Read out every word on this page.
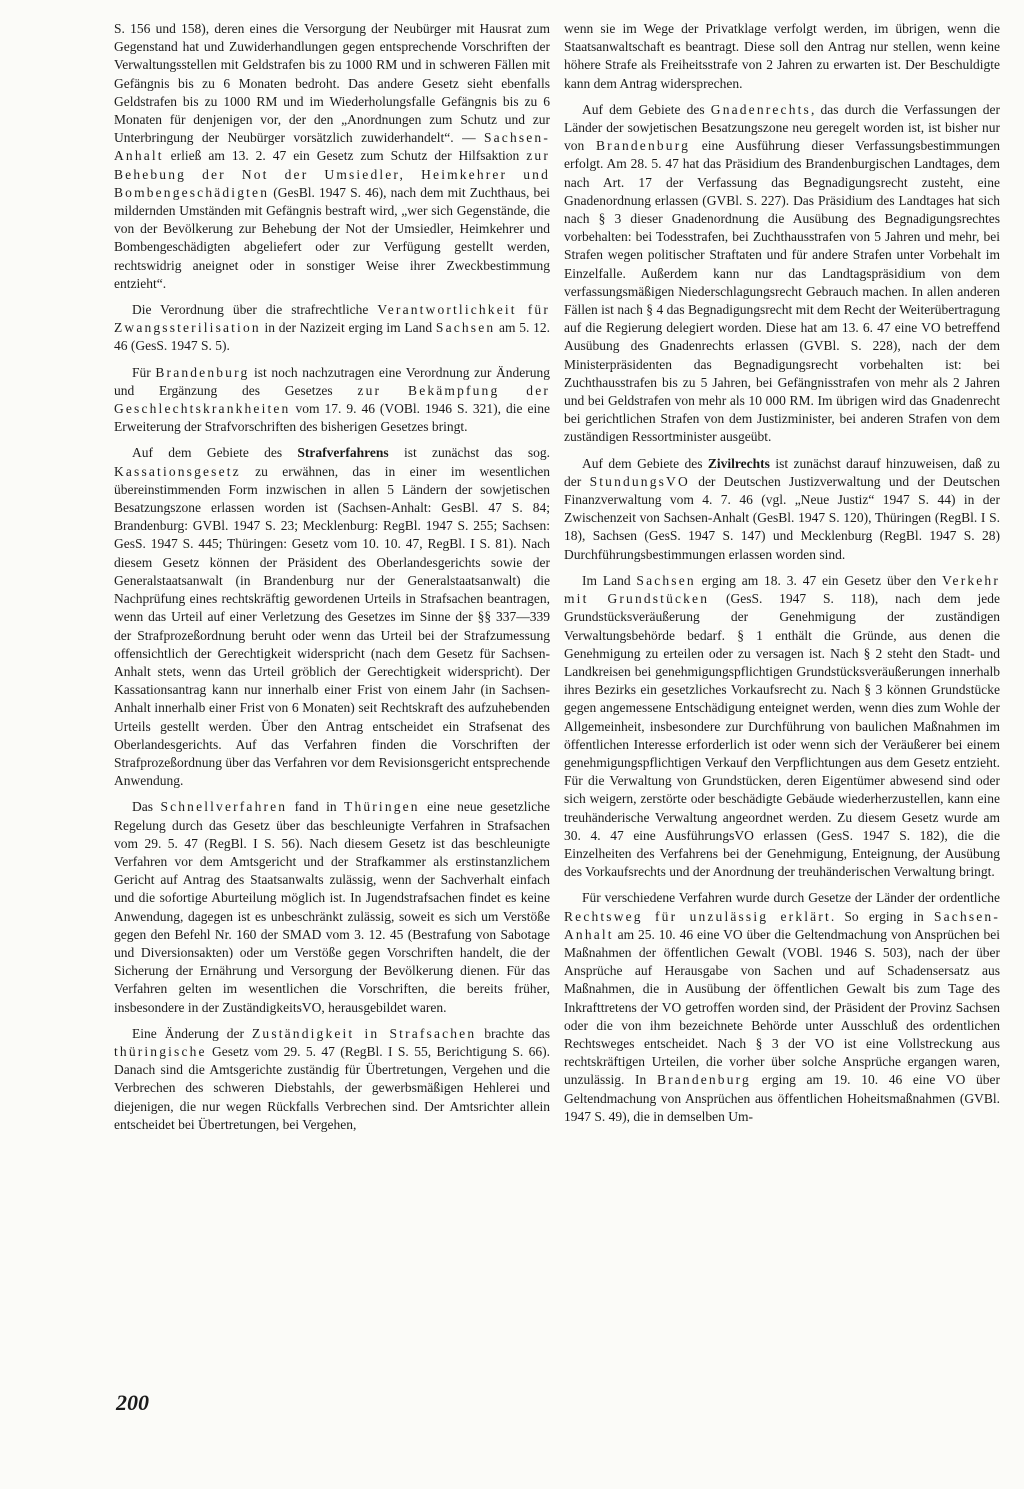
S. 156 und 158), deren eines die Versorgung der Neubürger mit Hausrat zum Gegenstand hat und Zuwiderhandlungen gegen entsprechende Vorschriften der Verwaltungsstellen mit Geldstrafen bis zu 1000 RM und in schweren Fällen mit Gefängnis bis zu 6 Monaten bedroht. Das andere Gesetz sieht ebenfalls Geldstrafen bis zu 1000 RM und im Wiederholungsfalle Gefängnis bis zu 6 Monaten für denjenigen vor, der den „Anordnungen zum Schutz und zur Unterbringung der Neubürger vorsätzlich zuwiderhandelt“. — Sachsen-Anhalt erließ am 13. 2. 47 ein Gesetz zum Schutz der Hilfsaktion zur Behebung der Not der Umsiedler, Heimkehrer und Bombengeschädigten (GesBl. 1947 S. 46), nach dem mit Zuchthaus, bei mildernden Umständen mit Gefängnis bestraft wird, „wer sich Gegenstände, die von der Bevölkerung zur Behebung der Not der Umsiedler, Heimkehrer und Bombengeschädigten abgeliefert oder zur Verfügung gestellt werden, rechtswidrig aneignet oder in sonstiger Weise ihrer Zweckbestimmung entzieht“.

Die Verordnung über die strafrechtliche Verantwortlichkeit für Zwangssterilisation in der Nazizeit erging im Land Sachsen am 5. 12. 46 (GesS. 1947 S. 5).

Für Brandenburg ist noch nachzutragen eine Verordnung zur Änderung und Ergänzung des Gesetzes zur Bekämpfung der Geschlechtskrankheiten vom 17. 9. 46 (VOBl. 1946 S. 321), die eine Erweiterung der Strafvorschriften des bisherigen Gesetzes bringt.

Auf dem Gebiete des Strafverfahrens ist zunächst das sog. Kassationsgesetz zu erwähnen, das in einer im wesentlichen übereinstimmenden Form inzwischen in allen 5 Ländern der sowjetischen Besatzungszone erlassen worden ist (Sachsen-Anhalt: GesBl. 47 S. 84; Brandenburg: GVBl. 1947 S. 23; Mecklenburg: RegBl. 1947 S. 255; Sachsen: GesS. 1947 S. 445; Thüringen: Gesetz vom 10. 10. 47, RegBl. I S. 81). Nach diesem Gesetz können der Präsident des Oberlandesgerichts sowie der Generalstaatsanwalt (in Brandenburg nur der Generalstaatsanwalt) die Nachprüfung eines rechtskräftig gewordenen Urteils in Strafsachen beantragen, wenn das Urteil auf einer Verletzung des Gesetzes im Sinne der §§ 337—339 der Strafprozeßordnung beruht oder wenn das Urteil bei der Strafzumessung offensichtlich der Gerechtigkeit widerspricht (nach dem Gesetz für Sachsen-Anhalt stets, wenn das Urteil gröblich der Gerechtigkeit widerspricht). Der Kassationsantrag kann nur innerhalb einer Frist von einem Jahr (in Sachsen-Anhalt innerhalb einer Frist von 6 Monaten) seit Rechtskraft des aufzuhebenden Urteils gestellt werden. Über den Antrag entscheidet ein Strafsenat des Oberlandesgerichts. Auf das Verfahren finden die Vorschriften der Strafprozeßordnung über das Verfahren vor dem Revisionsgericht entsprechende Anwendung.

Das Schnellverfahren fand in Thüringen eine neue gesetzliche Regelung durch das Gesetz über das beschleunigte Verfahren in Strafsachen vom 29. 5. 47 (RegBl. I S. 56). Nach diesem Gesetz ist das beschleunigte Verfahren vor dem Amtsgericht und der Strafkammer als erstinstanzlichem Gericht auf Antrag des Staatsanwalts zulässig, wenn der Sachverhalt einfach und die sofortige Aburteilung möglich ist. In Jugendstrafsachen findet es keine Anwendung, dagegen ist es unbeschränkt zulässig, soweit es sich um Verstöße gegen den Befehl Nr. 160 der SMAD vom 3. 12. 45 (Bestrafung von Sabotage und Diversionsakten) oder um Verstöße gegen Vorschriften handelt, die der Sicherung der Ernährung und Versorgung der Bevölkerung dienen. Für das Verfahren gelten im wesentlichen die Vorschriften, die bereits früher, insbesondere in der ZuständigkeitsVO, herausgebildet waren.

Eine Änderung der Zuständigkeit in Strafsachen brachte das thüringische Gesetz vom 29. 5. 47 (RegBl. I S. 55, Berichtigung S. 66). Danach sind die Amtsgerichte zuständig für Übertretungen, Vergehen und die Verbrechen des schweren Diebstahls, der gewerbsmäßigen Hehlerei und diejenigen, die nur wegen Rückfalls Verbrechen sind. Der Amtsrichter allein entscheidet bei Übertretungen, bei Vergehen,

wenn sie im Wege der Privatklage verfolgt werden, im übrigen, wenn die Staatsanwaltschaft es beantragt. Diese soll den Antrag nur stellen, wenn keine höhere Strafe als Freiheitsstrafe von 2 Jahren zu erwarten ist. Der Beschuldigte kann dem Antrag widersprechen.

Auf dem Gebiete des Gnadenrechts, das durch die Verfassungen der Länder der sowjetischen Besatzungszone neu geregelt worden ist, ist bisher nur von Brandenburg eine Ausführung dieser Verfassungsbestimmungen erfolgt. Am 28. 5. 47 hat das Präsidium des Brandenburgischen Landtages, dem nach Art. 17 der Verfassung das Begnadigungsrecht zusteht, eine Gnadenordnung erlassen (GVBl. S. 227). Das Präsidium des Landtages hat sich nach § 3 dieser Gnadenordnung die Ausübung des Begnadigungsrechtes vorbehalten: bei Todesstrafen, bei Zuchthausstrafen von 5 Jahren und mehr, bei Strafen wegen politischer Straftaten und für andere Strafen unter Vorbehalt im Einzelfalle. Außerdem kann nur das Landtagspräsidium von dem verfassungsmäßigen Niederschlagungsrecht Gebrauch machen. In allen anderen Fällen ist nach § 4 das Begnadigungsrecht mit dem Recht der Weiterübertragung auf die Regierung delegiert worden. Diese hat am 13. 6. 47 eine VO betreffend Ausübung des Gnadenrechts erlassen (GVBl. S. 228), nach der dem Ministerpräsidenten das Begnadigungsrecht vorbehalten ist: bei Zuchthausstrafen bis zu 5 Jahren, bei Gefängnisstrafen von mehr als 2 Jahren und bei Geldstrafen von mehr als 10 000 RM. Im übrigen wird das Gnadenrecht bei gerichtlichen Strafen von dem Justizminister, bei anderen Strafen von dem zuständigen Ressortminister ausgeübt.

Auf dem Gebiete des Zivilrechts ist zunächst darauf hinzuweisen, daß zu der StundungsVO der Deutschen Justizverwaltung und der Deutschen Finanzverwaltung vom 4. 7. 46 (vgl. „Neue Justiz“ 1947 S. 44) in der Zwischenzeit von Sachsen-Anhalt (GesBl. 1947 S. 120), Thüringen (RegBl. I S. 18), Sachsen (GesS. 1947 S. 147) und Mecklenburg (RegBl. 1947 S. 28) Durchführungsbestimmungen erlassen worden sind.

Im Land Sachsen erging am 18. 3. 47 ein Gesetz über den Verkehr mit Grundstücken (GesS. 1947 S. 118), nach dem jede Grundstücksveräußerung der Genehmigung der zuständigen Verwaltungsbehörde bedarf. § 1 enthält die Gründe, aus denen die Genehmigung zu erteilen oder zu versagen ist. Nach § 2 steht den Stadt- und Landkreisen bei genehmigungspflichtigen Grundstücksveräußerungen innerhalb ihres Bezirks ein gesetzliches Vorkaufsrecht zu. Nach § 3 können Grundstücke gegen angemessene Entschädigung enteignet werden, wenn dies zum Wohle der Allgemeinheit, insbesondere zur Durchführung von baulichen Maßnahmen im öffentlichen Interesse erforderlich ist oder wenn sich der Veräußerer bei einem genehmigungspflichtigen Verkauf den Verpflichtungen aus dem Gesetz entzieht. Für die Verwaltung von Grundstücken, deren Eigentümer abwesend sind oder sich weigern, zerstörte oder beschädigte Gebäude wiederherzustellen, kann eine treuhänderische Verwaltung angeordnet werden. Zu diesem Gesetz wurde am 30. 4. 47 eine AusführungsVO erlassen (GesS. 1947 S. 182), die die Einzelheiten des Verfahrens bei der Genehmigung, Enteignung, der Ausübung des Vorkaufsrechts und der Anordnung der treuhänderischen Verwaltung bringt.

Für verschiedene Verfahren wurde durch Gesetze der Länder der ordentliche Rechtsweg für unzulässig erklärt. So erging in Sachsen-Anhalt am 25. 10. 46 eine VO über die Geltendmachung von Ansprüchen bei Maßnahmen der öffentlichen Gewalt (VOBl. 1946 S. 503), nach der über Ansprüche auf Herausgabe von Sachen und auf Schadensersatz aus Maßnahmen, die in Ausübung der öffentlichen Gewalt bis zum Tage des Inkrafttretens der VO getroffen worden sind, der Präsident der Provinz Sachsen oder die von ihm bezeichnete Behörde unter Ausschluß des ordentlichen Rechtsweges entscheidet. Nach § 3 der VO ist eine Vollstreckung aus rechtskräftigen Urteilen, die vorher über solche Ansprüche ergangen waren, unzulässig. In Brandenburg erging am 19. 10. 46 eine VO über Geltendmachung von Ansprüchen aus öffentlichen Hoheitsmaßnahmen (GVBl. 1947 S. 49), die in demselben Um-

200
